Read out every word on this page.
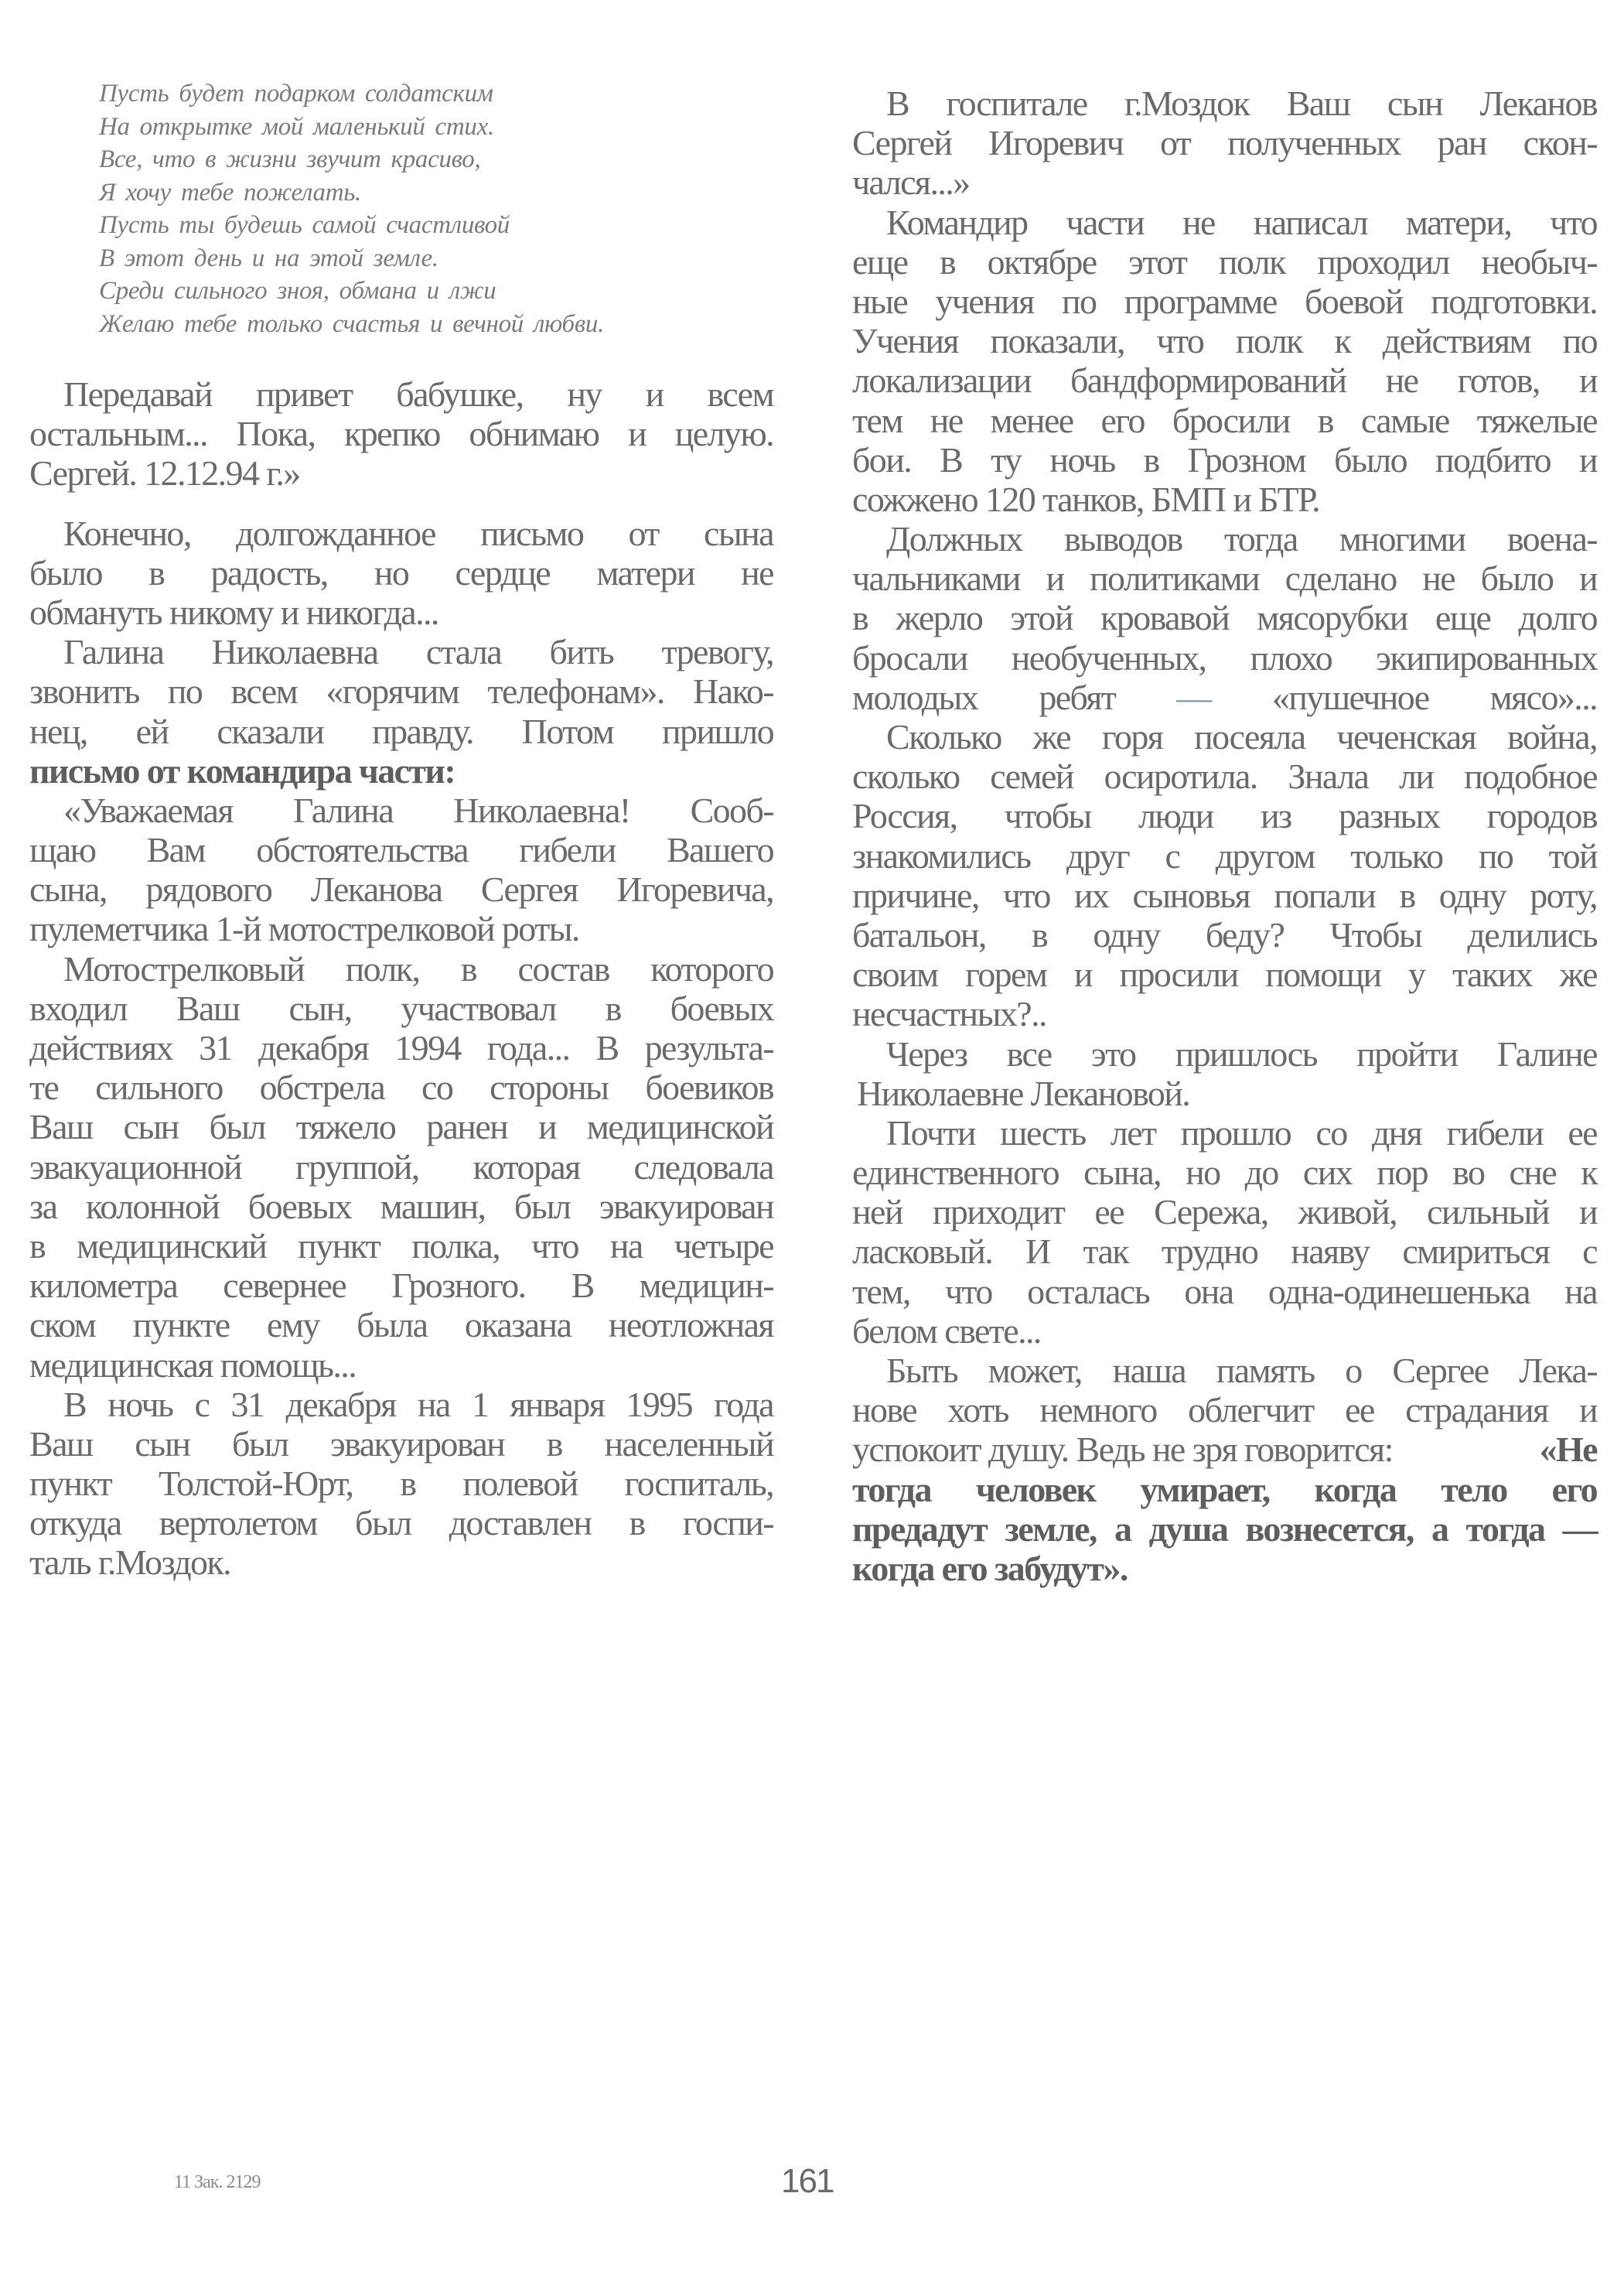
Пусть будет подарком солдатским
На открытке мой маленький стих.
Все, что в жизни звучит красиво,
Я хочу тебе пожелать.
Пусть ты будешь самой счастливой
В этот день и на этой земле.
Среди сильного зноя, обмана и лжи
Желаю тебе только счастья и вечной любви.
Передавай привет бабушке, ну и всем
остальным... Пока, крепко обнимаю и целую.
Сергей. 12.12.94 г.»
Конечно, долгожданное письмо от сына
было в радость, но сердце матери не
обмануть никому и никогда...
Галина Николаевна стала бить тревогу,
звонить по всем «горячим телефонам». Нако-
нец, ей сказали правду. Потом пришло
письмо от командира части:
«Уважаемая Галина Николаевна! Сооб-
щаю Вам обстоятельства гибели Вашего
сына, рядового Леканова Сергея Игоревича,
пулеметчика 1-й мотострелковой роты.
Мотострелковый полк, в состав которого
входил Ваш сын, участвовал в боевых
действиях 31 декабря 1994 года... В результа-
те сильного обстрела со стороны боевиков
Ваш сын был тяжело ранен и медицинской
эвакуационной группой, которая следовала
за колонной боевых машин, был эвакуирован
в медицинский пункт полка, что на четыре
километра севернее Грозного. В медицин-
ском пункте ему была оказана неотложная
медицинская помощь...
В ночь с 31 декабря на 1 января 1995 года
Ваш сын был эвакуирован в населенный
пункт Толстой-Юрт, в полевой госпиталь,
откуда вертолетом был доставлен в госпи-
таль г.Моздок.
В госпитале г.Моздок Ваш сын Леканов
Сергей Игоревич от полученных ран скон-
чался...»
Командир части не написал матери, что
еще в октябре этот полк проходил необыч-
ные учения по программе боевой подготовки.
Учения показали, что полк к действиям по
локализации бандформирований не готов, и
тем не менее его бросили в самые тяжелые
бои. В ту ночь в Грозном было подбито и
сожжено 120 танков, БМП и БТР.
Должных выводов тогда многими воена-
чальниками и политиками сделано не было и
в жерло этой кровавой мясорубки еще долго
бросали необученных, плохо экипированных
молодых ребят — «пушечное мясо»...
Сколько же горя посеяла чеченская война,
сколько семей осиротила. Знала ли подобное
Россия, чтобы люди из разных городов
знакомились друг с другом только по той
причине, что их сыновья попали в одну роту,
батальон, в одну беду? Чтобы делились
своим горем и просили помощи у таких же
несчастных?..
Через все это пришлось пройти Галине
Николаевне Лекановой.
Почти шесть лет прошло со дня гибели ее
единственного сына, но до сих пор во сне к
ней приходит ее Сережа, живой, сильный и
ласковый. И так трудно наяву смириться с
тем, что осталась она одна-одинешенька на
белом свете...
Быть может, наша память о Сергее Лека-
нове хоть немного облегчит ее страдания и
успокоит душу. Ведь не зря говорится:	«Не
тогда человек умирает, когда тело его
предадут земле, а душа вознесется, а тогда —
когда его забудут».
11 Зак. 2129	161
